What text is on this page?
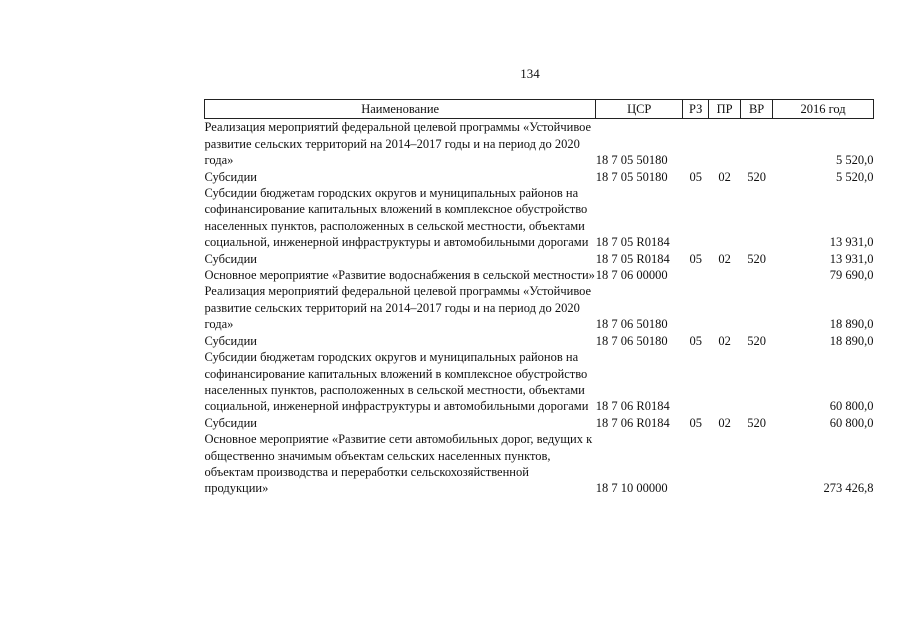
134
Наименование	ЦСР	РЗ	ПР	ВР	2016 год
Реализация мероприятий федеральной целевой программы «Устойчивое развитие сельских территорий на 2014–2017 годы и на период до 2020 года»	18 7 05 50180				5 520,0
Субсидии	18 7 05 50180	05	02	520	5 520,0
Субсидии бюджетам городских округов и муниципальных районов на софинансирование капитальных вложений в комплексное обустройство населенных пунктов, расположенных в сельской местности, объектами социальной, инженерной инфраструктуры и автомобильными дорогами	18 7 05 R0184				13 931,0
Субсидии	18 7 05 R0184	05	02	520	13 931,0
Основное мероприятие «Развитие водоснабжения в сельской местности»	18 7 06 00000				79 690,0
Реализация мероприятий федеральной целевой программы «Устойчивое развитие сельских территорий на 2014–2017 годы и на период до 2020 года»	18 7 06 50180				18 890,0
Субсидии	18 7 06 50180	05	02	520	18 890,0
Субсидии бюджетам городских округов и муниципальных районов на софинансирование капитальных вложений в комплексное обустройство населенных пунктов, расположенных в сельской местности, объектами социальной, инженерной инфраструктуры и автомобильными дорогами	18 7 06 R0184				60 800,0
Субсидии	18 7 06 R0184	05	02	520	60 800,0
Основное мероприятие «Развитие сети автомобильных дорог, ведущих к общественно значимым объектам сельских населенных пунктов, объектам производства и переработки сельскохозяйственной продукции»	18 7 10 00000				273 426,8
